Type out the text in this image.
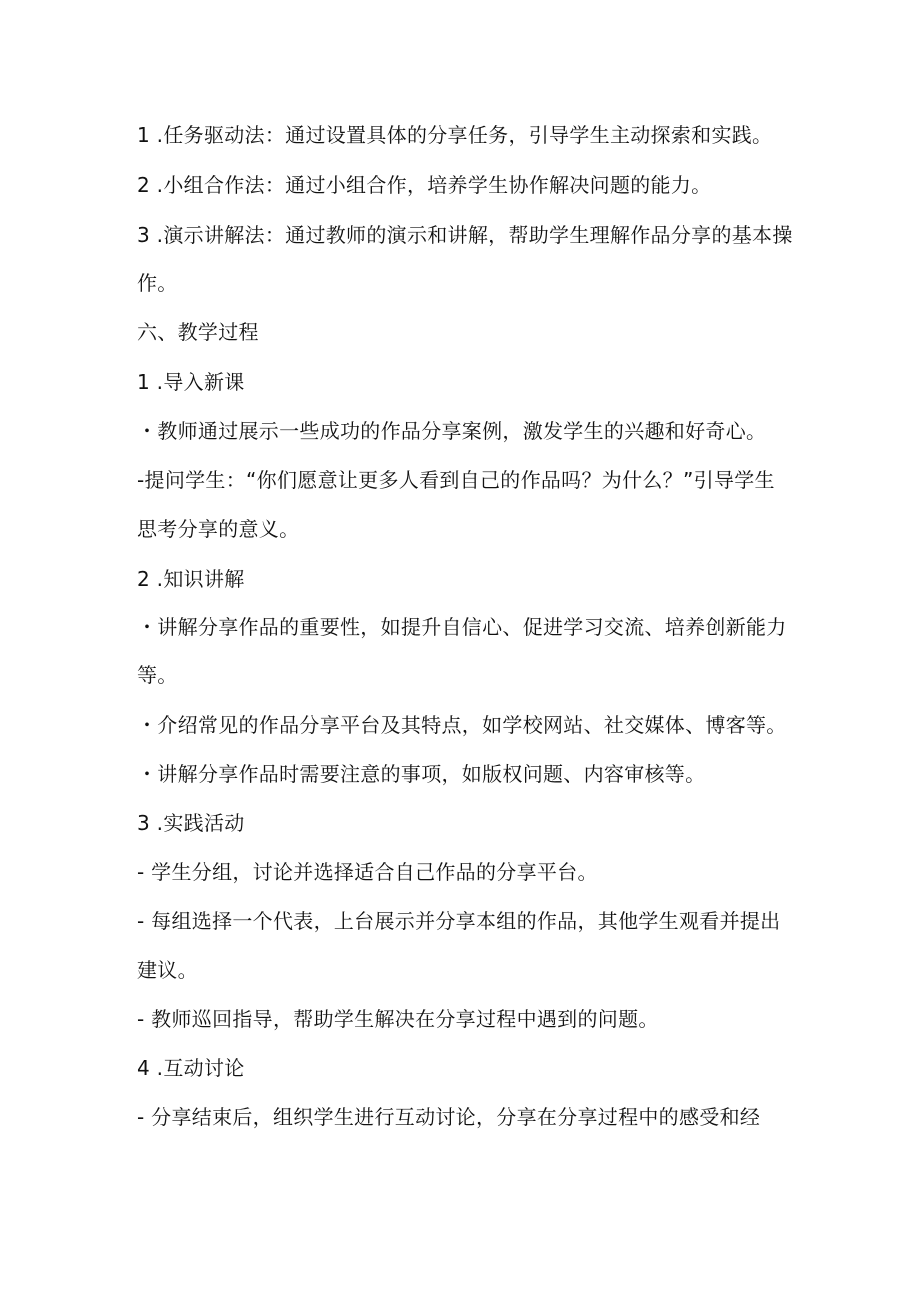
1 .任务驱动法：通过设置具体的分享任务，引导学生主动探索和实践。
2 .小组合作法：通过小组合作，培养学生协作解决问题的能力。
3 .演示讲解法：通过教师的演示和讲解，帮助学生理解作品分享的基本操
作。
六、教学过程
1 .导入新课
・教师通过展示一些成功的作品分享案例，激发学生的兴趣和好奇心。
-提问学生：“你们愿意让更多人看到自己的作品吗？为什么？”引导学生
思考分享的意义。
2 .知识讲解
・讲解分享作品的重要性，如提升自信心、促进学习交流、培养创新能力
等。
・介绍常见的作品分享平台及其特点，如学校网站、社交媒体、博客等。
・讲解分享作品时需要注意的事项，如版权问题、内容审核等。
3 .实践活动
- 学生分组，讨论并选择适合自己作品的分享平台。
- 每组选择一个代表，上台展示并分享本组的作品，其他学生观看并提出
建议。
- 教师巡回指导，帮助学生解决在分享过程中遇到的问题。
4 .互动讨论
- 分享结束后，组织学生进行互动讨论，分享在分享过程中的感受和经
